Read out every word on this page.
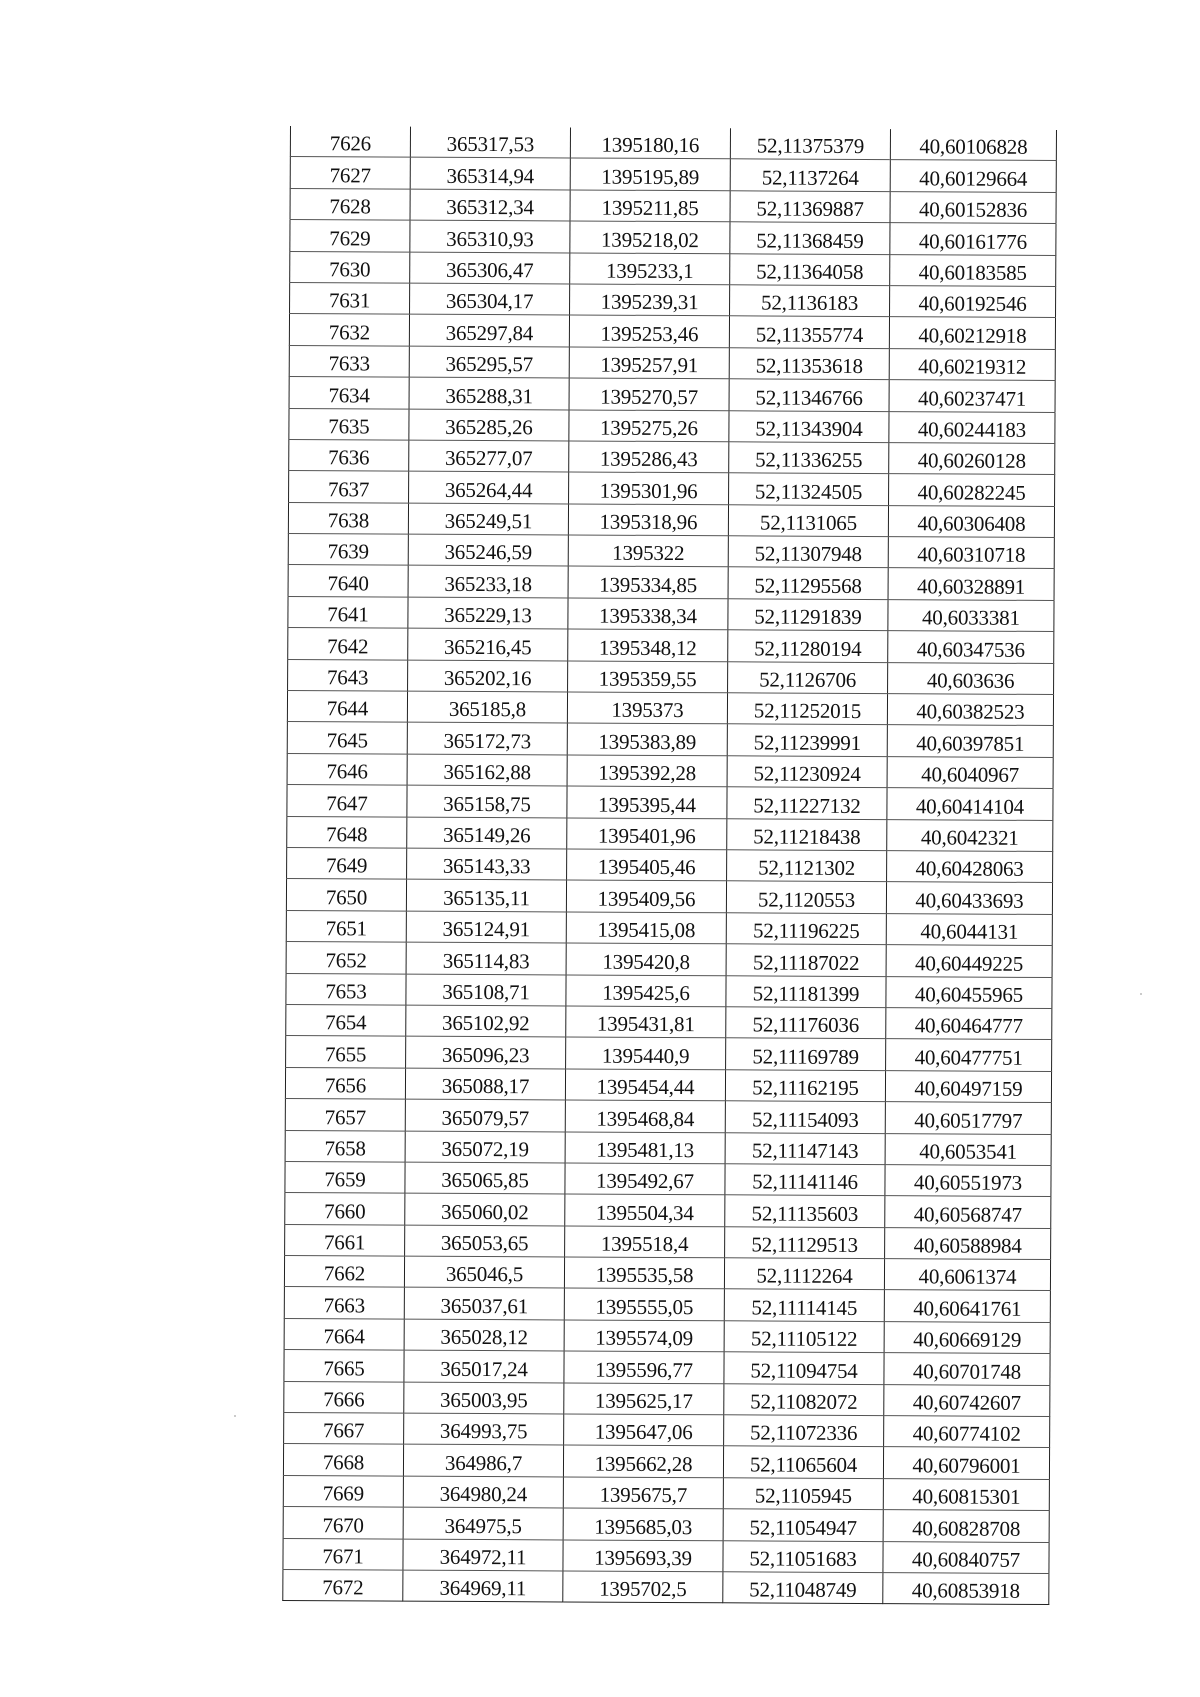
7626	365317,53	1395180,16	52,11375379	40,60106828
7627	365314,94	1395195,89	52,1137264	40,60129664
7628	365312,34	1395211,85	52,11369887	40,60152836
7629	365310,93	1395218,02	52,11368459	40,60161776
7630	365306,47	1395233,1	52,11364058	40,60183585
7631	365304,17	1395239,31	52,1136183	40,60192546
7632	365297,84	1395253,46	52,11355774	40,60212918
7633	365295,57	1395257,91	52,11353618	40,60219312
7634	365288,31	1395270,57	52,11346766	40,60237471
7635	365285,26	1395275,26	52,11343904	40,60244183
7636	365277,07	1395286,43	52,11336255	40,60260128
7637	365264,44	1395301,96	52,11324505	40,60282245
7638	365249,51	1395318,96	52,1131065	40,60306408
7639	365246,59	1395322	52,11307948	40,60310718
7640	365233,18	1395334,85	52,11295568	40,60328891
7641	365229,13	1395338,34	52,11291839	40,6033381
7642	365216,45	1395348,12	52,11280194	40,60347536
7643	365202,16	1395359,55	52,1126706	40,603636
7644	365185,8	1395373	52,11252015	40,60382523
7645	365172,73	1395383,89	52,11239991	40,60397851
7646	365162,88	1395392,28	52,11230924	40,6040967
7647	365158,75	1395395,44	52,11227132	40,60414104
7648	365149,26	1395401,96	52,11218438	40,6042321
7649	365143,33	1395405,46	52,1121302	40,60428063
7650	365135,11	1395409,56	52,1120553	40,60433693
7651	365124,91	1395415,08	52,11196225	40,6044131
7652	365114,83	1395420,8	52,11187022	40,60449225
7653	365108,71	1395425,6	52,11181399	40,60455965
7654	365102,92	1395431,81	52,11176036	40,60464777
7655	365096,23	1395440,9	52,11169789	40,60477751
7656	365088,17	1395454,44	52,11162195	40,60497159
7657	365079,57	1395468,84	52,11154093	40,60517797
7658	365072,19	1395481,13	52,11147143	40,6053541
7659	365065,85	1395492,67	52,11141146	40,60551973
7660	365060,02	1395504,34	52,11135603	40,60568747
7661	365053,65	1395518,4	52,11129513	40,60588984
7662	365046,5	1395535,58	52,1112264	40,6061374
7663	365037,61	1395555,05	52,11114145	40,60641761
7664	365028,12	1395574,09	52,11105122	40,60669129
7665	365017,24	1395596,77	52,11094754	40,60701748
7666	365003,95	1395625,17	52,11082072	40,60742607
7667	364993,75	1395647,06	52,11072336	40,60774102
7668	364986,7	1395662,28	52,11065604	40,60796001
7669	364980,24	1395675,7	52,1105945	40,60815301
7670	364975,5	1395685,03	52,11054947	40,60828708
7671	364972,11	1395693,39	52,11051683	40,60840757
7672	364969,11	1395702,5	52,11048749	40,60853918
